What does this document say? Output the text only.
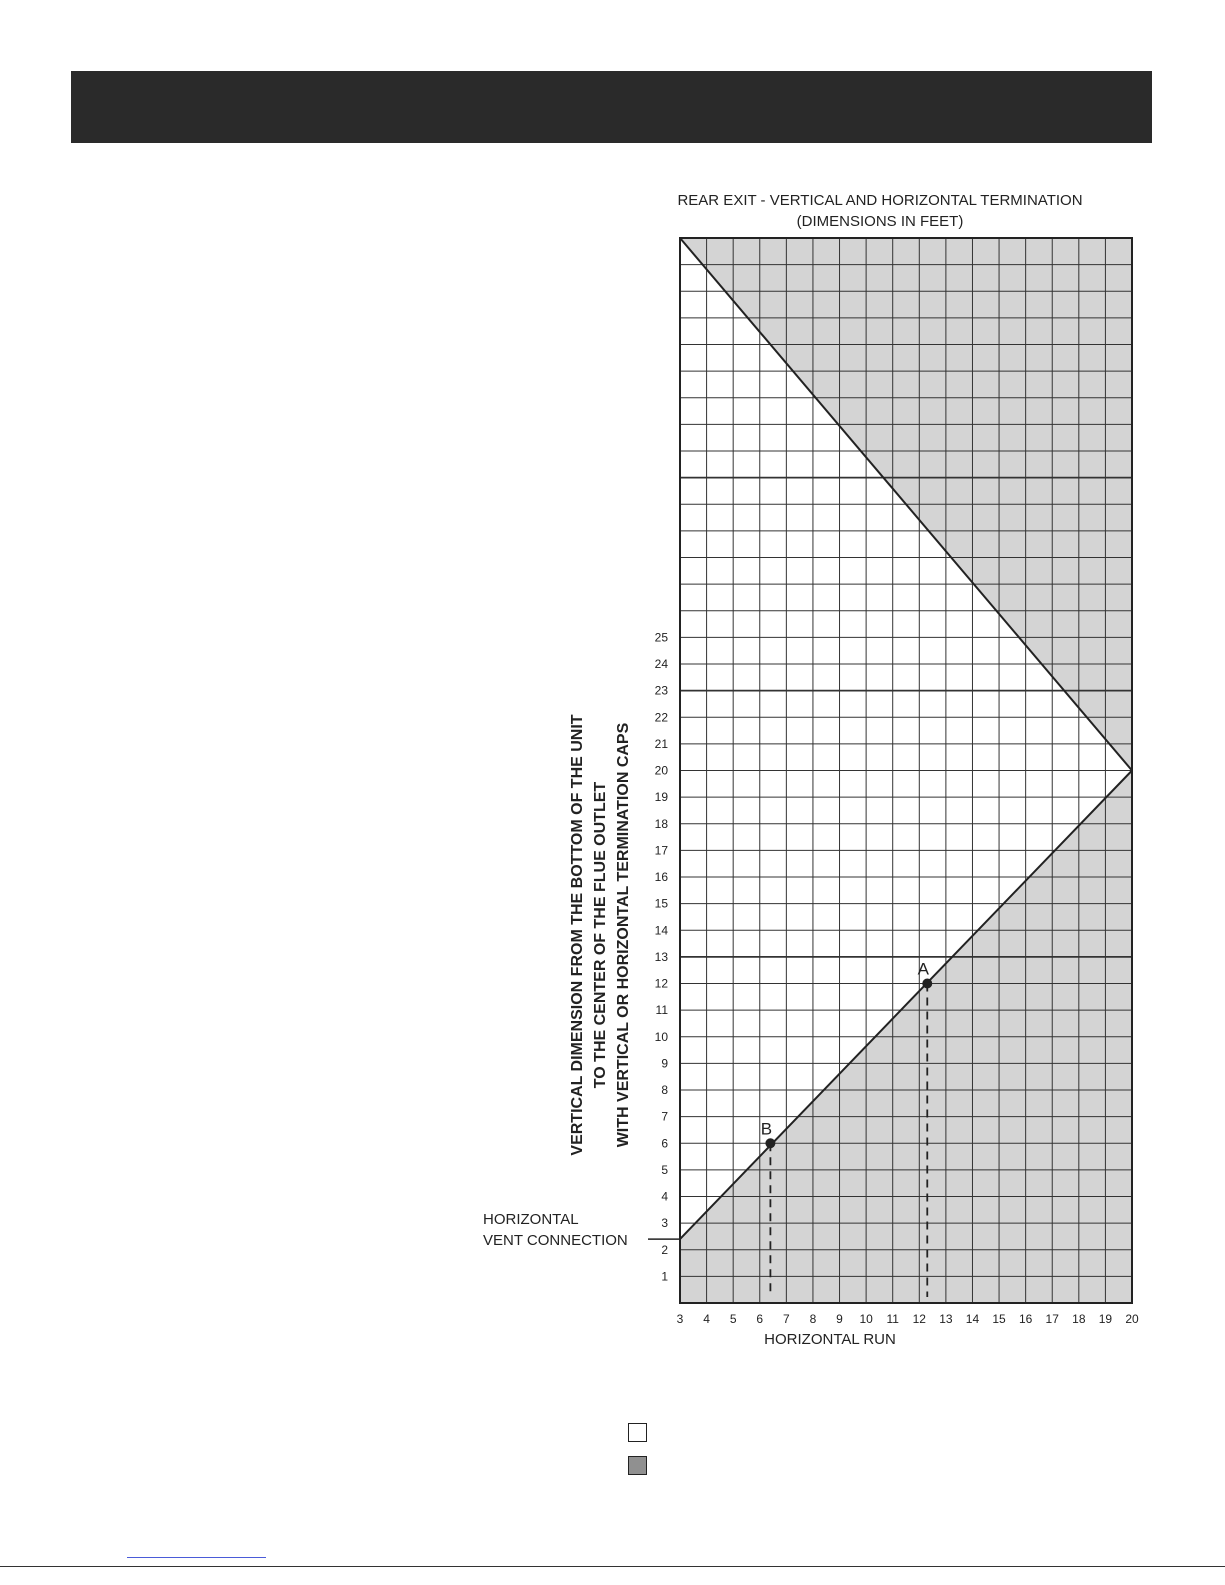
REAR EXIT - VERTICAL AND HORIZONTAL TERMINATION
(DIMENSIONS IN FEET)
A
B
3 4 5 6 7 8 9 10 11 12 13 14 15 16 17 18 19 20
1
2
3
4
5
6
7
8
9
10
11
12
13
14
15
16
17
18
19
20
21
22
23
24
25
VERTICAL DIMENSION FROM THE BOTTOM OF THE UNIT TO THE CENTER OF THE FLUE OUTLET WITH VERTICAL OR HORIZONTAL TERMINATION CAPS
HORIZONTAL RUN
HORIZONTAL
VENT CONNECTION
